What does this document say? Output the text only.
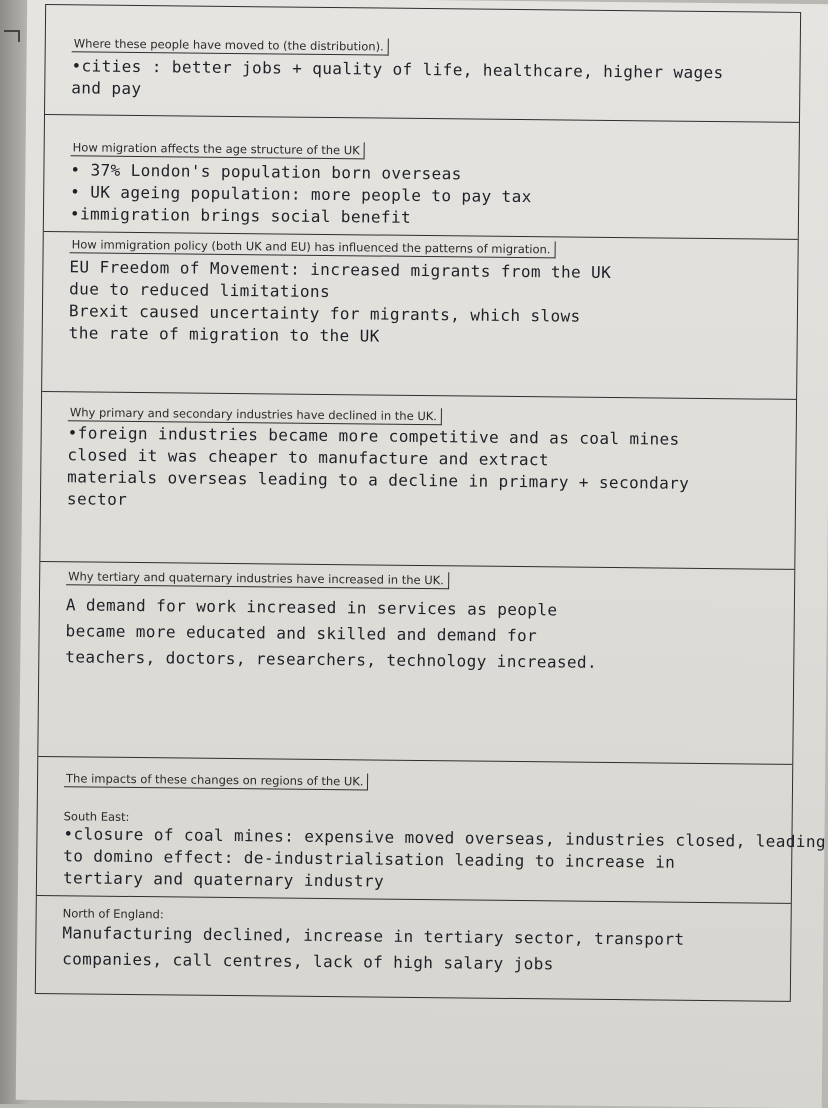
Where these people have moved to (the distribution).
•cities : better jobs + quality of life, healthcare, higher wages
and pay
How migration affects the age structure of the UK
• 37% London's population born overseas
• UK ageing population: more people to pay tax
•immigration brings social benefit
How immigration policy (both UK and EU) has influenced the patterns of migration.
EU Freedom of Movement: increased migrants from the UK
due to reduced limitations
Brexit caused uncertainty for migrants, which slows
the rate of migration to the UK
Why primary and secondary industries have declined in the UK.
•foreign industries became more competitive and as coal mines
closed it was cheaper to manufacture and extract
materials overseas leading to a decline in primary + secondary
sector
Why tertiary and quaternary industries have increased in the UK.
A demand for work increased in services as people
became more educated and skilled and demand for
teachers, doctors, researchers, technology increased.
The impacts of these changes on regions of the UK.
South East:
•closure of coal mines: expensive moved overseas, industries closed, leading
to domino effect: de-industrialisation leading to increase in
tertiary and quaternary industry
North of England:
Manufacturing declined, increase in tertiary sector, transport
companies, call centres, lack of high salary jobs
